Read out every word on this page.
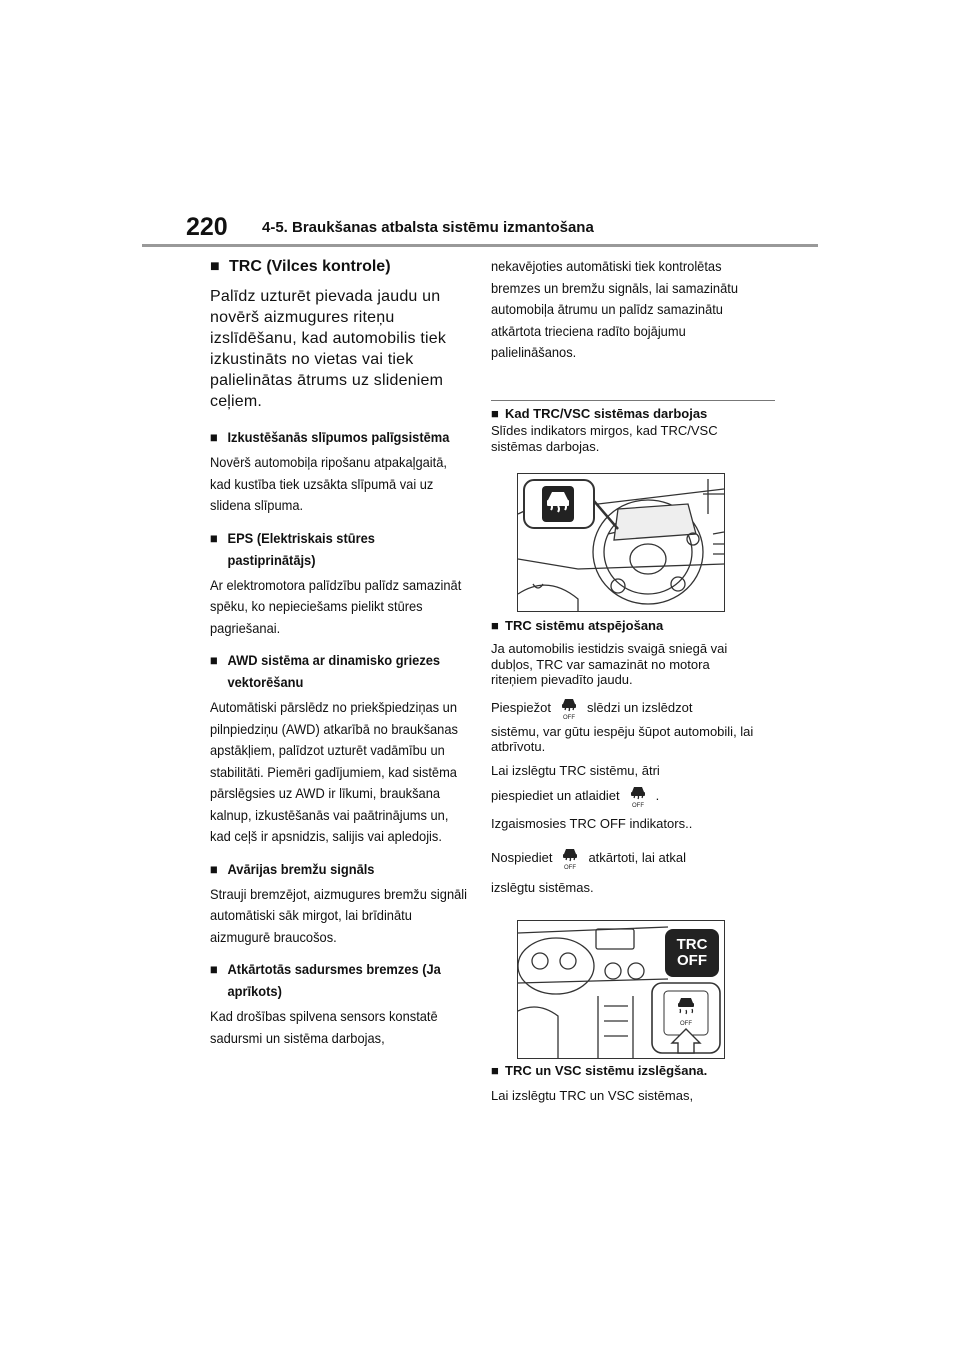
220 4-5. Braukšanas atbalsta sistēmu izmantošana
■ TRC (Vilces kontrole)

Palīdz uzturēt pievada jaudu un novērš aizmugures riteņu izslīdēšanu, kad automobilis tiek izkustināts no vietas vai tiek palielinātas ātrums uz slideniem ceļiem.

■ Izkustēšanās slīpumos palīgsistēma

Novērš automobiļa ripošanu atpakaļgaitā, kad kustība tiek uzsākta slīpumā vai uz slidena slīpuma.

■ EPS (Elektriskais stūres pastiprinātājs)

Ar elektromotora palīdzību palīdz samazināt spēku, ko nepieciešams pielikt stūres pagriešanai.

■ AWD sistēma ar dinamisko griezes vektorēšanu

Automātiski pārslēdz no priekšpiedziņas un pilnpiedziņu (AWD) atkarībā no braukšanas apstākļiem, palīdzot uzturēt vadāmību un stabilitāti. Piemēri gadījumiem, kad sistēma pārslēgsies uz AWD ir līkumi, braukšana kalnup, izkustēšanās vai paātrinājums un, kad ceļš ir apsnidzis, salijis vai apledojis.

■ Avārijas bremžu signāls

Strauji bremzējot, aizmugures bremžu signāli automātiski sāk mirgot, lai brīdinātu aizmugurē braucošos.

■ Atkārtotās sadursmes bremzes (Ja aprīkots)

Kad drošības spilvena sensors konstatē sadursmi un sistēma darbojas,

nekavējoties automātiski tiek kontrolētas bremzes un bremžu signāls, lai samazinātu automobiļa ātrumu un palīdz samazinātu atkārtota trieciena radīto bojājumu palielināšanos.

■ Kad TRC/VSC sistēmas darbojas

Slīdes indikators mirgos, kad TRC/VSC sistēmas darbojas.

■ TRC sistēmu atspējošana

Ja automobilis iestidzis svaigā sniegā vai dubļos, TRC var samazināt no motora riteņiem pievadīto jaudu.

Piespiežot
OFF
slēdzi un izslēdzot

sistēmu, var gūtu iespēju šūpot automobili, lai atbrīvotu.

Lai izslēgtu TRC sistēmu, ātri

piespiediet un atlaidiet
OFF
.

Izgaismosies TRC OFF indikators..

Nospiediet
OFF
atkārtoti, lai atkal

izslēgtu sistēmas.

TRC
OFF
OFF
■ TRC un VSC sistēmu izslēgšana.

Lai izslēgtu TRC un VSC sistēmas,
